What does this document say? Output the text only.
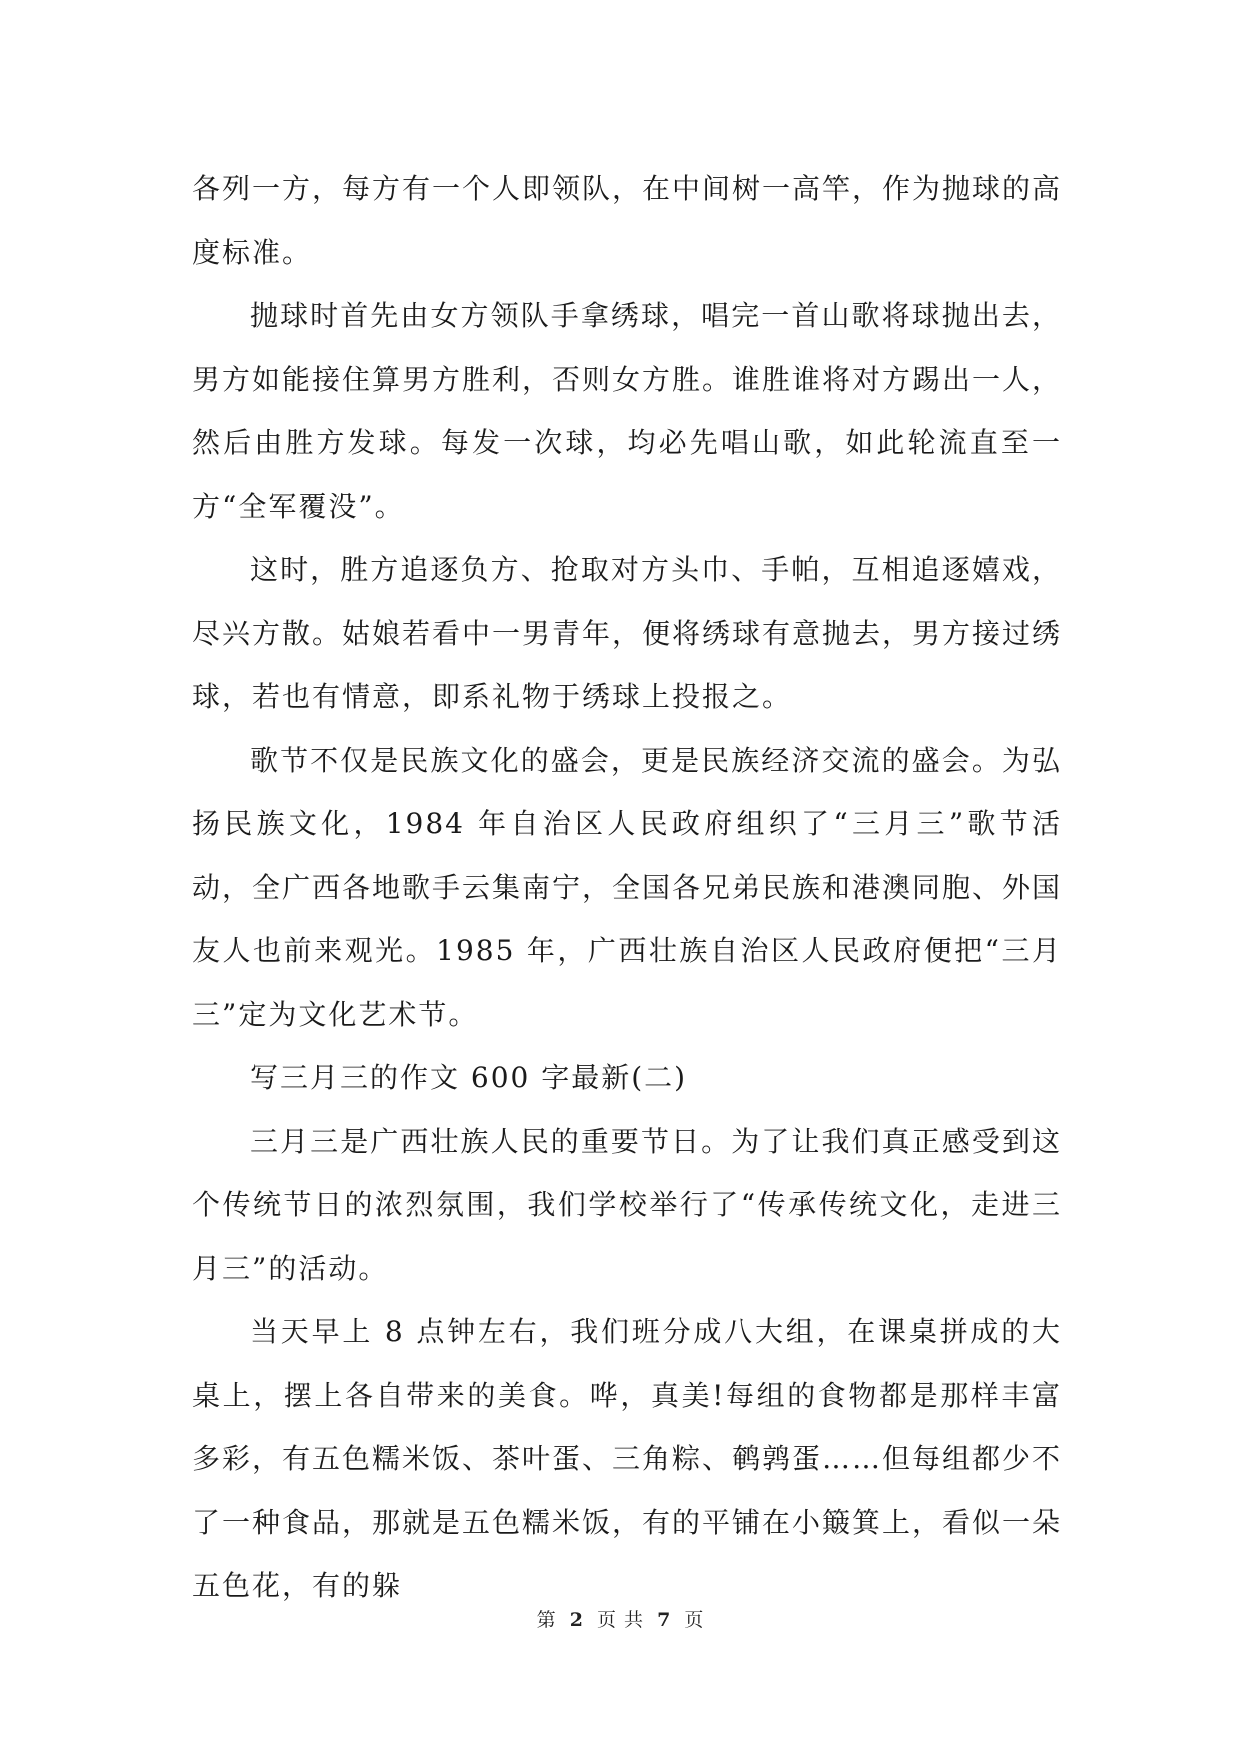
各列一方，每方有一个人即领队，在中间树一高竿，作为抛球的高度标准。

抛球时首先由女方领队手拿绣球，唱完一首山歌将球抛出去，男方如能接住算男方胜利，否则女方胜。谁胜谁将对方踢出一人，然后由胜方发球。每发一次球，均必先唱山歌，如此轮流直至一方“全军覆没”。

这时，胜方追逐负方、抢取对方头巾、手帕，互相追逐嬉戏，尽兴方散。姑娘若看中一男青年，便将绣球有意抛去，男方接过绣球，若也有情意，即系礼物于绣球上投报之。

歌节不仅是民族文化的盛会，更是民族经济交流的盛会。为弘扬民族文化，1984 年自治区人民政府组织了“三月三”歌节活动，全广西各地歌手云集南宁，全国各兄弟民族和港澳同胞、外国友人也前来观光。1985 年，广西壮族自治区人民政府便把“三月三”定为文化艺术节。

写三月三的作文 600 字最新(二)

三月三是广西壮族人民的重要节日。为了让我们真正感受到这个传统节日的浓烈氛围，我们学校举行了“传承传统文化，走进三月三”的活动。

当天早上 8 点钟左右，我们班分成八大组，在课桌拼成的大桌上，摆上各自带来的美食。哗，真美!每组的食物都是那样丰富多彩，有五色糯米饭、茶叶蛋、三角粽、鹌鹑蛋……但每组都少不了一种食品，那就是五色糯米饭，有的平铺在小簸箕上，看似一朵五色花，有的躲

第 2 页 共 7 页
